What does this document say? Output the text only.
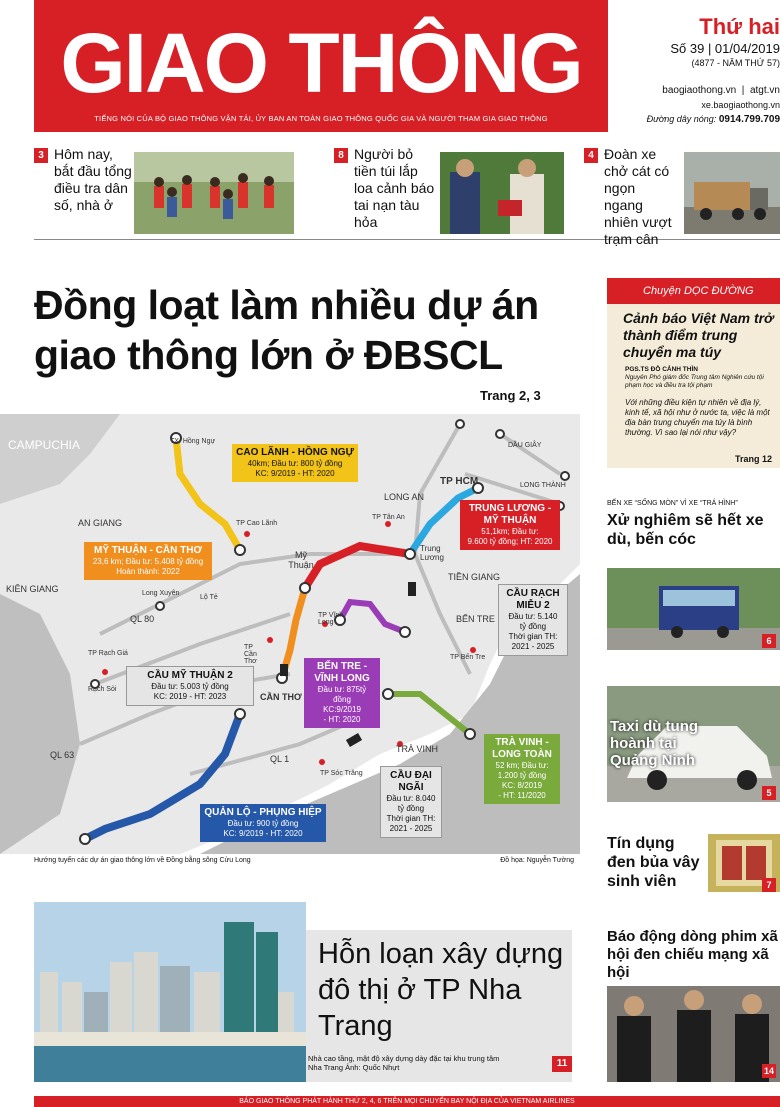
GIAO THÔNG
TIẾNG NÓI CỦA BỘ GIAO THÔNG VẬN TẢI, ỦY BAN AN TOÀN GIAO THÔNG QUỐC GIA VÀ NGƯỜI THAM GIA GIAO THÔNG
Thứ hai
Số 39 | 01/04/2019
(4877 - NĂM THỨ 57)
baogiaothong.vn  |  atgt.vn
xe.baogiaothong.vn
Đường dây nóng: 0914.799.709
3 Hôm nay, bắt đầu tổng điều tra dân số, nhà ở
8 Người bỏ tiền túi lắp loa cảnh báo tai nạn tàu hỏa
4 Đoàn xe chở cát có ngọn ngang nhiên vượt trạm cân
Đồng loạt làm nhiều dự án giao thông lớn ở ĐBSCL
Trang 2, 3
CAMPUCHIA	TX. Hồng Ngự
AN GIANG	TP Cao Lãnh
KIÊN GIANG	Long Xuyên
Lộ Tẻ
QL 80
TP Rạch Giá
Rạch Sỏi
TP Cần Thơ
CẦN THƠ
QL 63	QL 1
TP Sóc Trăng
Mỹ Thuận
TP Vĩnh Long
LONG AN
TP Tân An
TP HCM
Trung Lương
TIỀN GIANG
BẾN TRE
TP Bến Tre
TRÀ VINH
DẦU GIÂY
LONG THÀNH
CAO LÃNH - HỒNG NGỰ
40km; Đầu tư: 800 tỷ đồng
KC: 9/2019 - HT: 2020
MỸ THUẬN - CẦN THƠ
23,6 km; Đầu tư: 5.408 tỷ đồng
Hoàn thành: 2022
TRUNG LƯƠNG - MỸ THUẬN
51,1km; Đầu tư:
9.600 tỷ đồng; HT: 2020
CẦU RẠCH MIỄU 2
Đầu tư: 5.140
tỷ đồng
Thời gian TH:
2021 - 2025
CẦU MỸ THUẬN 2
Đầu tư: 5.003 tỷ đồng
KC: 2019 - HT: 2023
BẾN TRE - VĨNH LONG
Đầu tư: 875tỷ đồng
KC:9/2019
- HT: 2020
TRÀ VINH - LONG TOÀN
52 km; Đầu tư:
1.200 tỷ đồng
KC: 8/2019
- HT: 11/2020
CẦU ĐẠI NGÃI
Đầu tư: 8.040
tỷ đồng
Thời gian TH:
2021 - 2025
QUẢN LỘ - PHỤNG HIỆP
Đầu tư: 900 tỷ đồng
KC: 9/2019 - HT: 2020
Hướng tuyến các dự án giao thông lớn về Đồng bằng sông Cửu Long	Đồ họa: Nguyễn Tường
Hỗn loạn xây dựng đô thị ở TP Nha Trang
Nhà cao tầng, mật độ xây dựng dày đặc tại khu trung tâm Nha Trang Ảnh: Quốc Nhựt	11
Chuyện DỌC ĐƯỜNG
Cảnh báo Việt Nam trở thành điểm trung chuyển ma túy
PGS.TS ĐỖ CẢNH THÌN
Nguyên Phó giám đốc Trung tâm Nghiên cứu tội phạm học và điều tra tội phạm
Với những điều kiện tự nhiên về địa lý, kinh tế, xã hội như ở nước ta, việc là một địa bàn trung chuyển ma túy là bình thường. Vì sao lại nói như vậy?
Trang 12
BẾN XE “SỐNG MÒN” VÌ XE “TRÁ HÌNH”
Xử nghiêm sẽ hết xe dù, bến cóc
6
Taxi dù tung hoành tại Quảng Ninh
5
Tín dụng đen bủa vây sinh viên	7
Báo động dòng phim xã hội đen chiếu mạng xã hội
14
BÁO GIAO THÔNG PHÁT HÀNH THỨ 2, 4, 6 TRÊN MỌI CHUYẾN BAY NỘI ĐỊA CỦA VIETNAM AIRLINES
